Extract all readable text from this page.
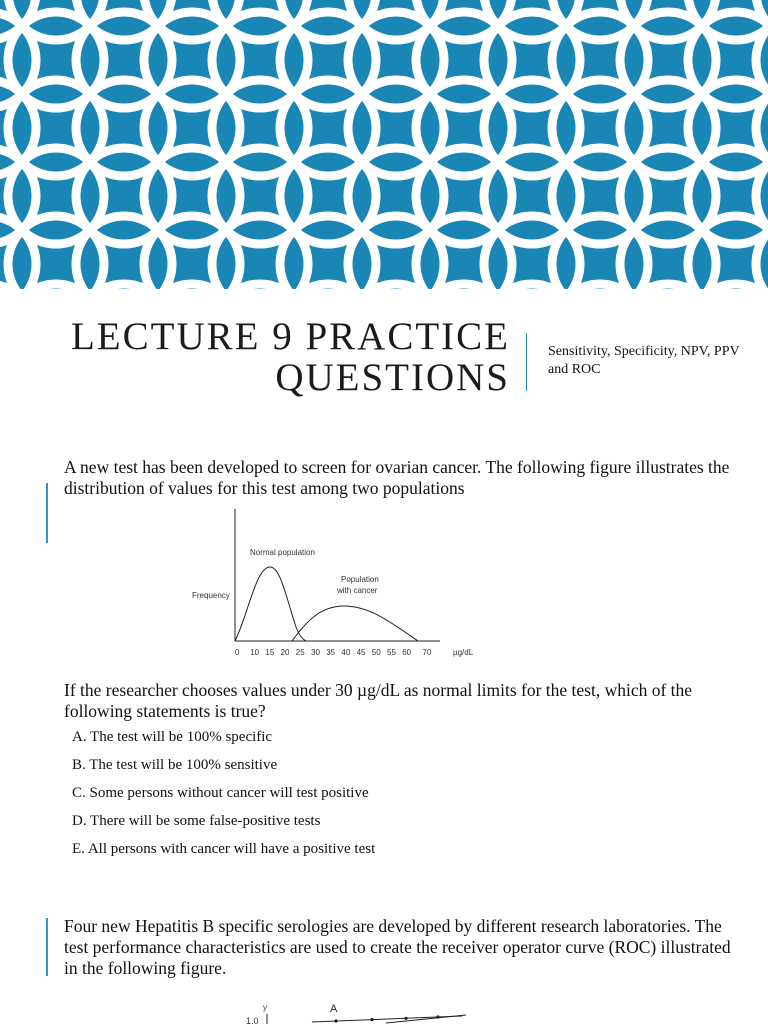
LECTURE 9 PRACTICE
QUESTIONS
Sensitivity, Specificity, NPV, PPV and ROC

A new test has been developed to screen for ovarian cancer. The following figure illustrates the distribution of values for this test among two populations

Frequency
Normal population
Population
with cancer
0 10 15 20 25 30 35 40 45 50 55 60 70	µg/dL

If the researcher chooses values under 30 µg/dL as normal limits for the test, which of the following statements is true?

A. The test will be 100% specific
B. The test will be 100% sensitive
C. Some persons without cancer will test positive
D. There will be some false-positive tests
E. All persons with cancer will have a positive test

Four new Hepatitis B specific serologies are developed by different research laboratories. The test performance characteristics are used to create the receiver operator curve (ROC) illustrated in the following figure.

y
1.0
A
